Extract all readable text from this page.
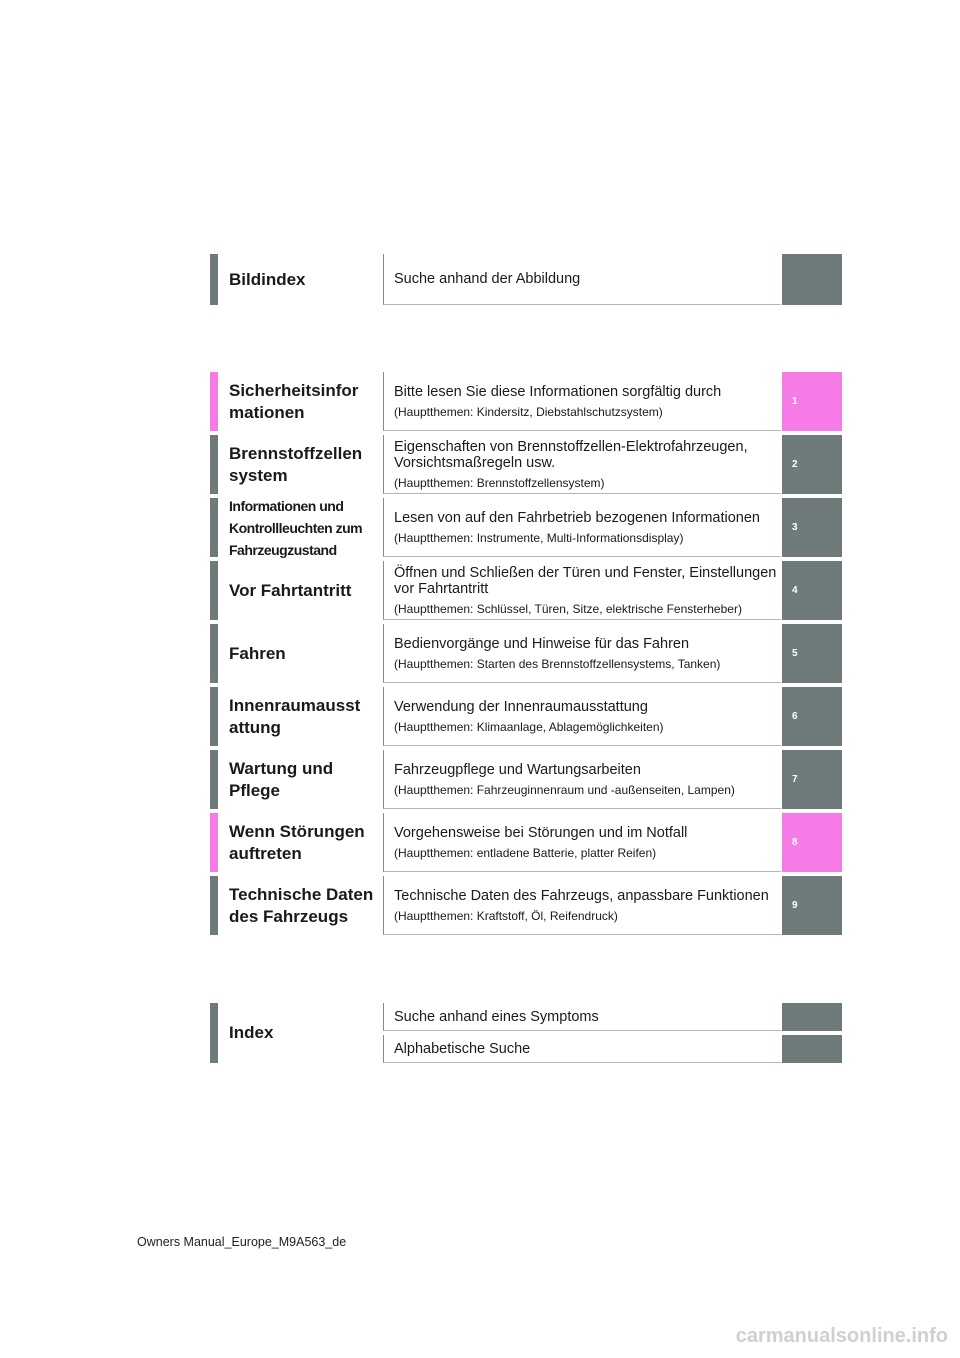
Bildindex	Suche anhand der Abbildung
Sicherheitsinfor mationen
Bitte lesen Sie diese Informationen sorgfältig durch
(Hauptthemen: Kindersitz, Diebstahlschutzsystem)
1
Brennstoffzellen system
Eigenschaften von Brennstoffzellen-Elektrofahrzeugen, Vorsichtsmaßregeln usw.
(Hauptthemen: Brennstoffzellensystem)
2
Informationen und Kontrollleuchten zum Fahrzeugzustand
Lesen von auf den Fahrbetrieb bezogenen Informationen
(Hauptthemen: Instrumente, Multi-Informationsdisplay)
3
Vor Fahrtantritt
Öffnen und Schließen der Türen und Fenster, Einstellungen vor Fahrtantritt
(Hauptthemen: Schlüssel, Türen, Sitze, elektrische Fensterheber)
4
Fahren	Bedienvorgänge und Hinweise für das Fahren
(Hauptthemen: Starten des Brennstoffzellensystems, Tanken)
5
Innenraumausst attung
Verwendung der Innenraumausstattung
(Hauptthemen: Klimaanlage, Ablagemöglichkeiten)
6
Wartung und Pflege
Fahrzeugpflege und Wartungsarbeiten
(Hauptthemen: Fahrzeuginnenraum und -außenseiten, Lampen)
7
Wenn Störungen auftreten
Vorgehensweise bei Störungen und im Notfall
(Hauptthemen: entladene Batterie, platter Reifen)
8
Technische Daten des Fahrzeugs
Technische Daten des Fahrzeugs, anpassbare Funktionen
(Hauptthemen: Kraftstoff, Öl, Reifendruck)
9
Index
Suche anhand eines Symptoms
Alphabetische Suche
Owners Manual_Europe_M9A563_de
carmanualsonline.info
